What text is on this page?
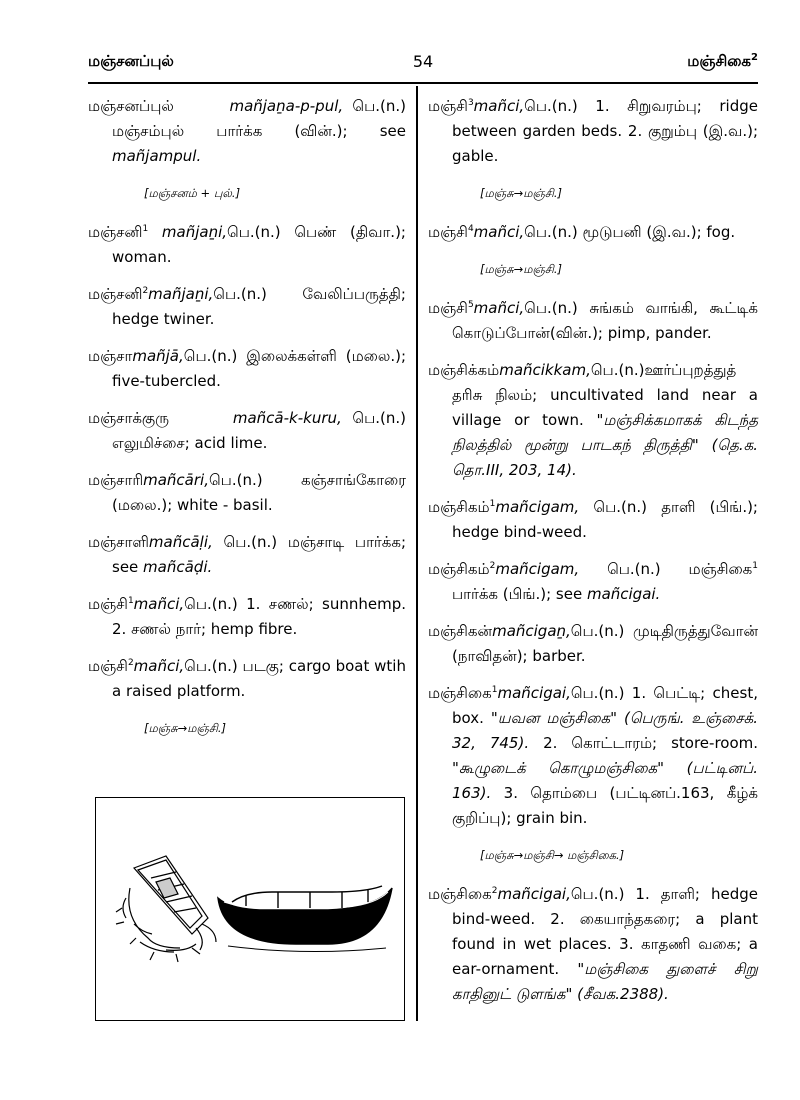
மஞ்சனப்புல்	54	மஞ்சிகை$^2$

மஞ்சனப்புல்	mañjaṉa-p-pul, பெ.(n.) மஞ்சம்புல் பார்க்க (வின்.); see mañjampul.

[மஞ்சனம் + புல்.]

மஞ்சனி$^1$ mañjaṉi,பெ.(n.) பெண் (திவா.); woman.

மஞ்சனி$^2$mañjaṉi,பெ.(n.) வேலிப்பருத்தி; hedge twiner.

மஞ்சாmañjā,பெ.(n.) இலைக்கள்ளி (மலை.); five-tubercled.

மஞ்சாக்குரு	mañcā-k-kuru, பெ.(n.) எலுமிச்சை; acid lime.

மஞ்சாரிmañcāri,பெ.(n.) கஞ்சாங்கோரை (மலை.); white - basil.

மஞ்சாளிmañcāḷi, பெ.(n.) மஞ்சாடி பார்க்க; see mañcāḍi.

மஞ்சி$^1$mañci,பெ.(n.) 1. சணல்; sunnhemp. 2. சணல் நார்; hemp fibre.

மஞ்சி$^2$mañci,பெ.(n.) படகு; cargo boat wtih a raised platform.

[மஞ்சு→மஞ்சி.]

மஞ்சி$^3$mañci,பெ.(n.) 1. சிறுவரம்பு; ridge between garden beds. 2. குறும்பு (இ.வ.); gable.

[மஞ்சு→மஞ்சி.]

மஞ்சி$^4$mañci,பெ.(n.) மூடுபனி (இ.வ.); fog.

[மஞ்சு→மஞ்சி.]

மஞ்சி$^5$mañci,பெ.(n.) சுங்கம் வாங்கி, கூட்டிக் கொடுப்போன்(வின்.); pimp, pander.

மஞ்சிக்கம்mañcikkam,பெ.(n.)ஊர்ப்புறத்துத் தரிசு நிலம்; uncultivated land near a village or town. "மஞ்சிக்கமாகக் கிடந்த நிலத்தில் மூன்று பாடகந் திருத்தி" (தெ.க. தொ.III, 203, 14).

மஞ்சிகம்$^1$mañcigam, பெ.(n.) தாளி (பிங்.); hedge bind-weed.

மஞ்சிகம்$^2$mañcigam, பெ.(n.) மஞ்சிகை$^1$ பார்க்க (பிங்.); see mañcigai.

மஞ்சிகன்mañcigaṉ,பெ.(n.) முடிதிருத்துவோன் (நாவிதன்); barber.

மஞ்சிகை$^1$mañcigai,பெ.(n.) 1. பெட்டி; chest, box. "யவன மஞ்சிகை" (பெருங். உஞ்சைக். 32, 745). 2. கொட்டாரம்; store-room. "கூழுடைக் கொழுமஞ்சிகை" (பட்டினப். 163). 3. தொம்பை (பட்டினப்.163, கீழ்க் குறிப்பு); grain bin.

[மஞ்சு→மஞ்சி→ மஞ்சிகை.]

மஞ்சிகை$^2$mañcigai,பெ.(n.) 1. தாளி; hedge bind-weed. 2. கையாந்தகரை; a plant found in wet places. 3. காதணி வகை; a ear-ornament. "மஞ்சிகை துளைச் சிறு காதினுட் டுளங்க" (சீவக.2388).
